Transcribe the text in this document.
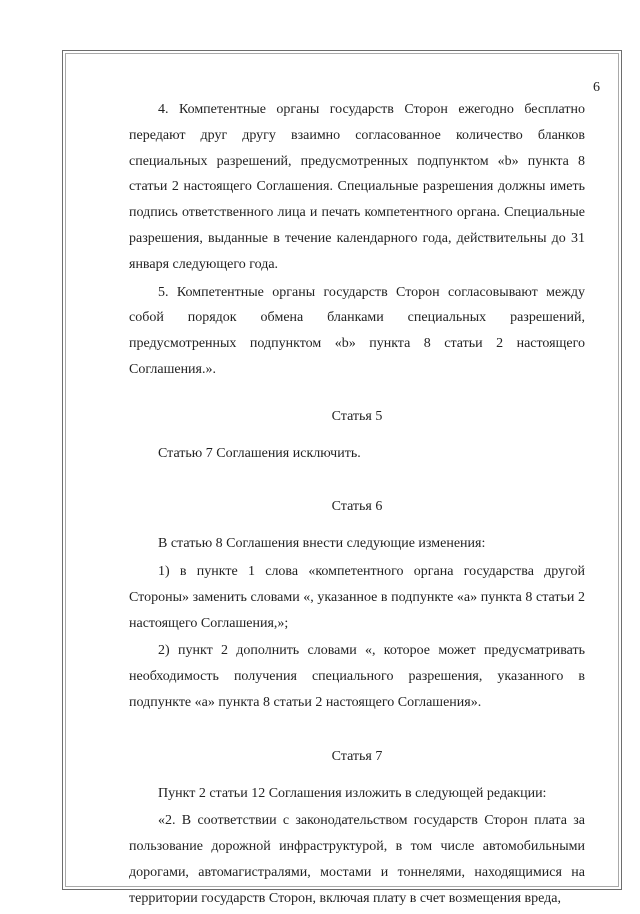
6

4. Компетентные органы государств Сторон ежегодно бесплатно передают друг другу взаимно согласованное количество бланков специальных разрешений, предусмотренных подпунктом «b» пункта 8 статьи 2 настоящего Соглашения. Специальные разрешения должны иметь подпись ответственного лица и печать компетентного органа. Специальные разрешения, выданные в течение календарного года, действительны до 31 января следующего года.

5. Компетентные органы государств Сторон согласовывают между собой порядок обмена бланками специальных разрешений, предусмотренных подпунктом «b» пункта 8 статьи 2 настоящего Соглашения.».

Статья 5

Статью 7 Соглашения исключить.

Статья 6

В статью 8 Соглашения внести следующие изменения:

1) в пункте 1 слова «компетентного органа государства другой Стороны» заменить словами «, указанное в подпункте «а» пункта 8 статьи 2 настоящего Соглашения,»;

2) пункт 2 дополнить словами «, которое может предусматривать необходимость получения специального разрешения, указанного в подпункте «а» пункта 8 статьи 2 настоящего Соглашения».

Статья 7

Пункт 2 статьи 12 Соглашения изложить в следующей редакции:

«2. В соответствии с законодательством государств Сторон плата за пользование дорожной инфраструктурой, в том числе автомобильными дорогами, автомагистралями, мостами и тоннелями, находящимися на территории государств Сторон, включая плату в счет возмещения вреда,
